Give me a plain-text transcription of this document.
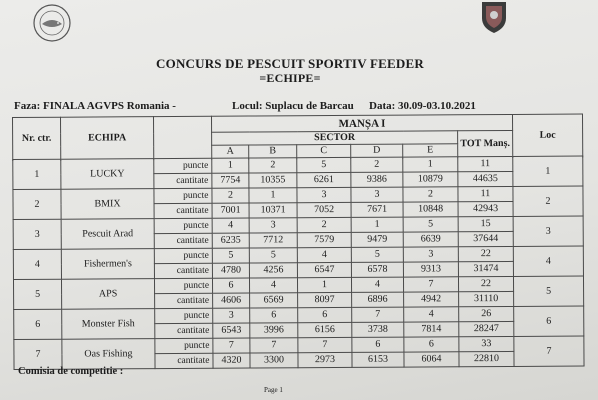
CONCURS DE PESCUIT SPORTIV FEEDER
=ECHIPE=
Faza: FINALA AGVPS Romania -	Locul: Suplacu de Barcau Data: 30.09-03.10.2021
Nr. ctr.	ECHIPA		MANȘA I						Loc
			SECTOR					TOT Manș.	
			A	B	C	D	E		

1	LUCKY	puncte	1	2	5	2	1	11	1
		cantitate	7754	10355	6261	9386	10879	44635	
2	BMIX	puncte	2	1	3	3	2	11	2
		cantitate	7001	10371	7052	7671	10848	42943	
3	Pescuit Arad	puncte	4	3	2	1	5	15	3
		cantitate	6235	7712	7579	9479	6639	37644	
4	Fishermen's	puncte	5	5	4	5	3	22	4
		cantitate	4780	4256	6547	6578	9313	31474	
5	APS	puncte	6	4	1	4	7	22	5
		cantitate	4606	6569	8097	6896	4942	31110	
6	Monster Fish	puncte	3	6	6	7	4	26	6
		cantitate	6543	3996	6156	3738	7814	28247	
7	Oas Fishing	puncte	7	7	7	6	6	33	7
		cantitate	4320	3300	2973	6153	6064	22810	
Comisia de competitie :
Page 1
